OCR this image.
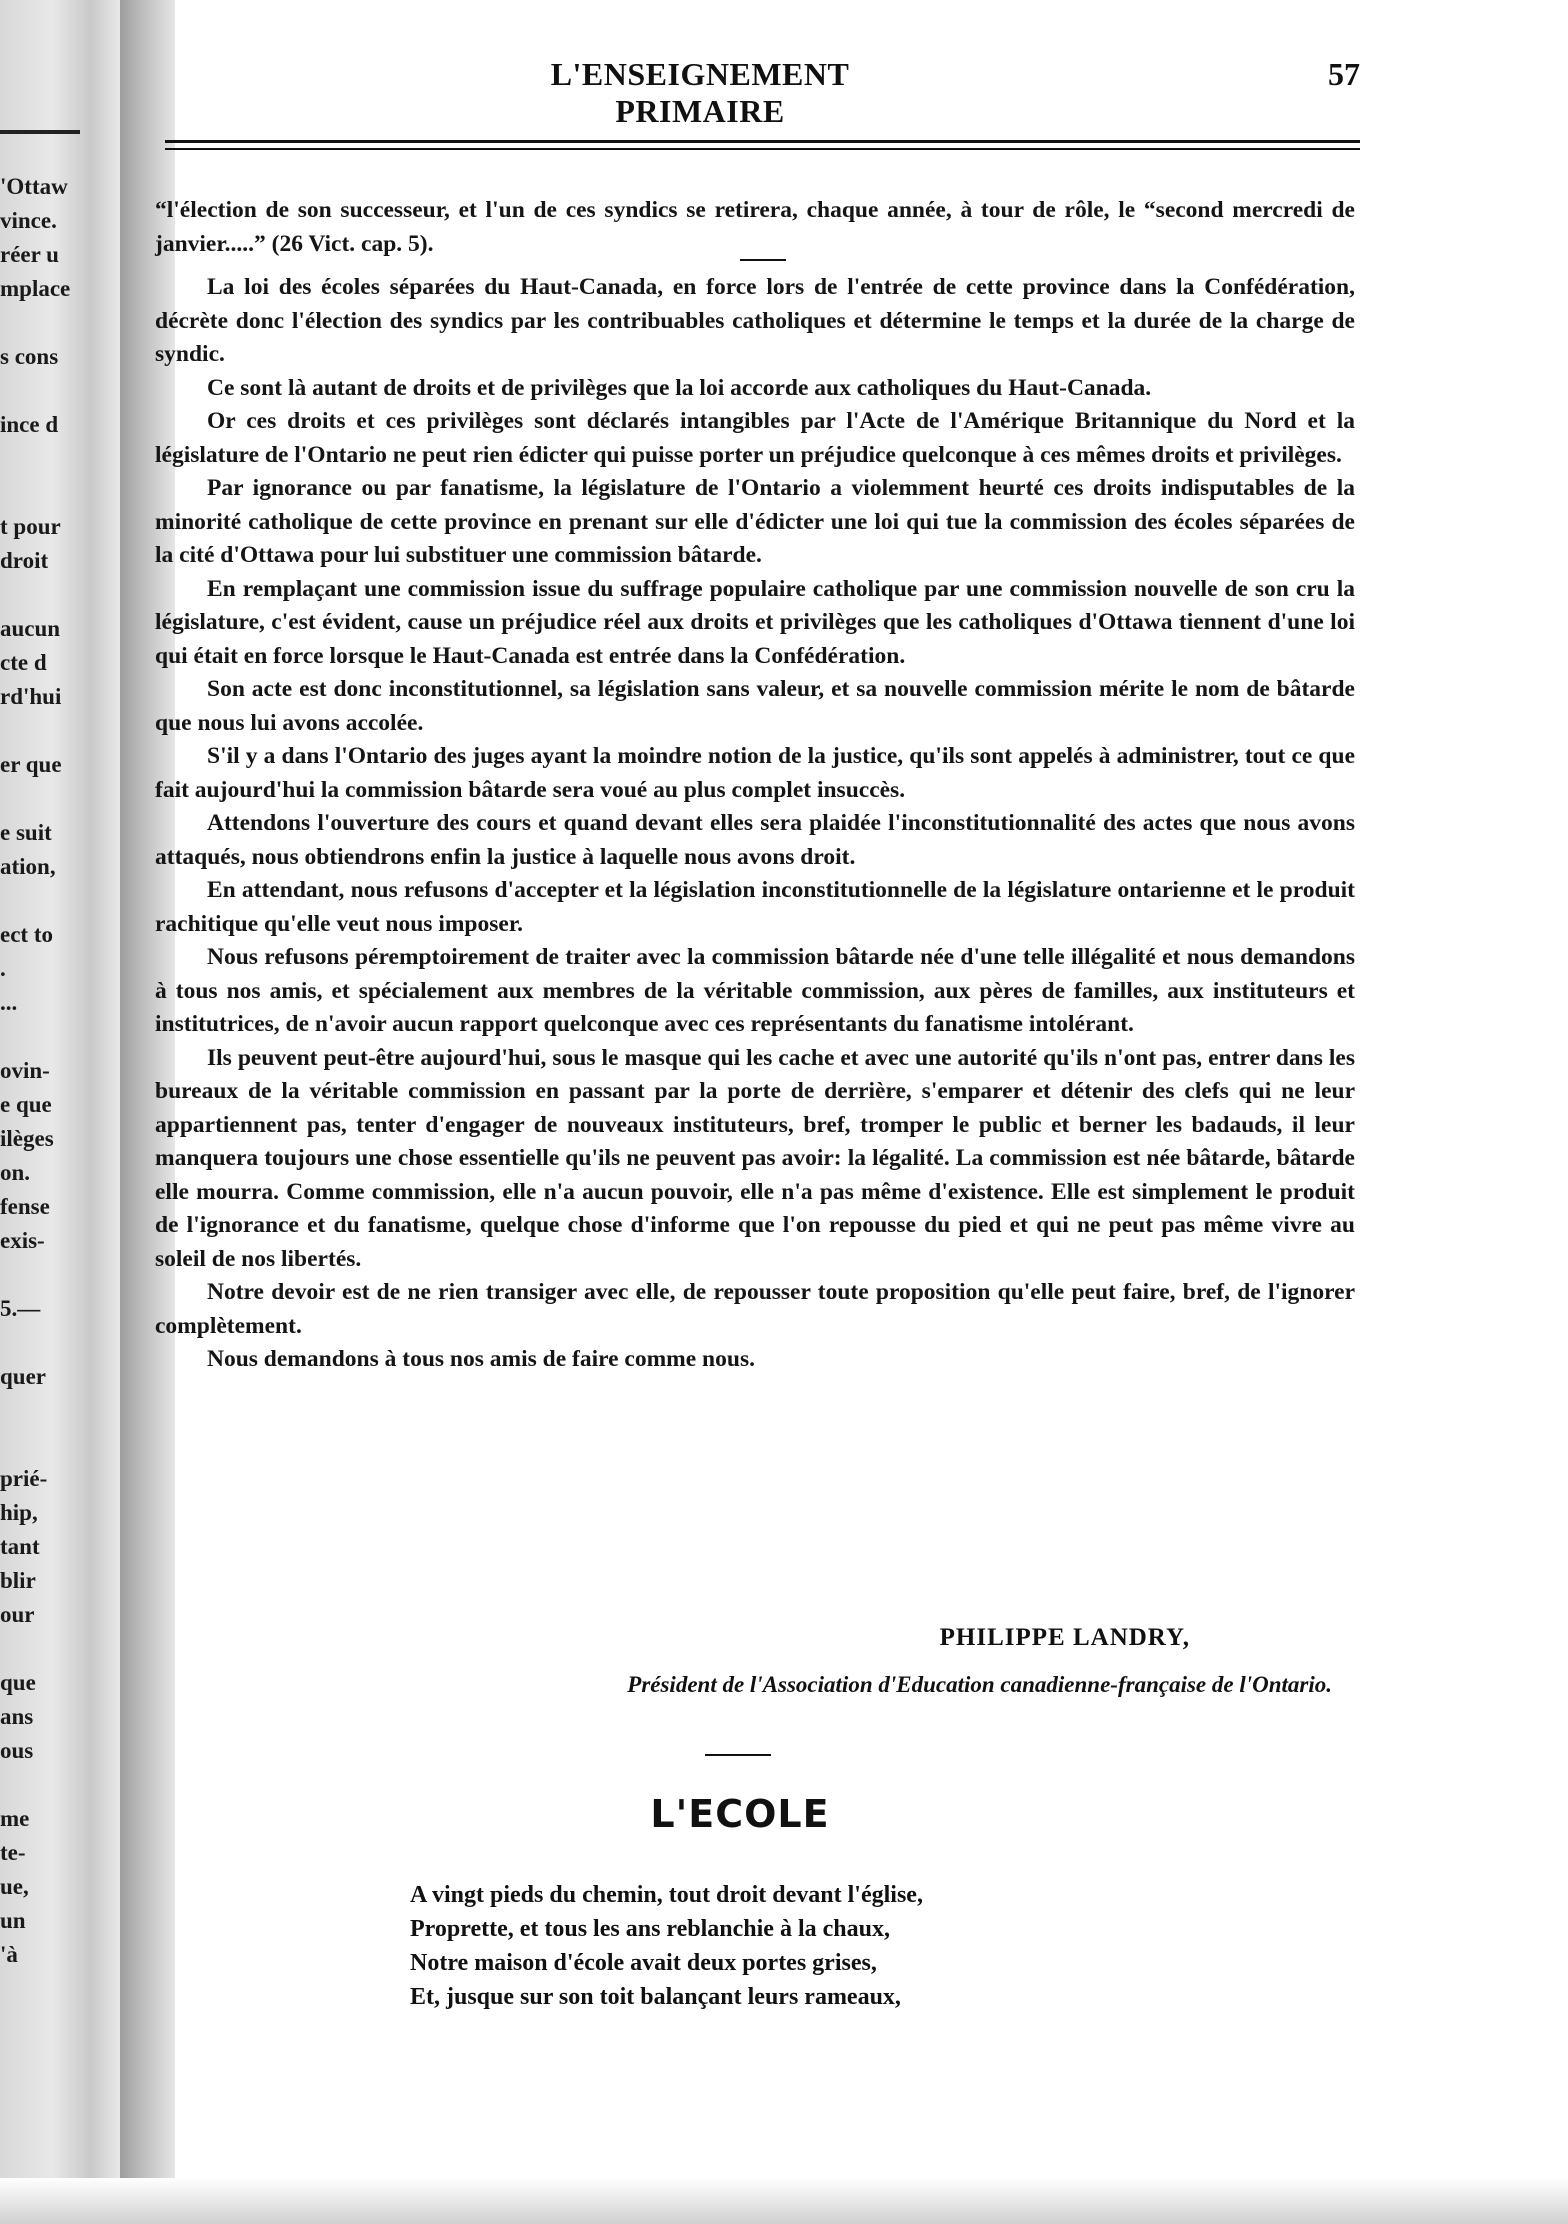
'Ottaw
vince.
réer u
mplace
s cons
ince d
t pour
droit
aucun
cte d
rd'hui
er que
e suit
ation,
ect to
.
...
ovin-
e que
ilèges
on.
fense
exis-
5.—
quer
prié-
hip,
tant
blir
our
que
ans
ous
me
te-
ue,
un
'à
L'ENSEIGNEMENT PRIMAIRE
57

“l'élection de son successeur, et l'un de ces syndics se retirera, chaque année, à tour de rôle, le “second mercredi de janvier.....” (26 Vict. cap. 5).

La loi des écoles séparées du Haut-Canada, en force lors de l'entrée de cette province dans la Confédération, décrète donc l'élection des syndics par les contribuables catholiques et détermine le temps et la durée de la charge de syndic.

Ce sont là autant de droits et de privilèges que la loi accorde aux catholiques du Haut-Canada.

Or ces droits et ces privilèges sont déclarés intangibles par l'Acte de l'Amérique Britannique du Nord et la législature de l'Ontario ne peut rien édicter qui puisse porter un préjudice quelconque à ces mêmes droits et privilèges.

Par ignorance ou par fanatisme, la législature de l'Ontario a violemment heurté ces droits indisputables de la minorité catholique de cette province en prenant sur elle d'édicter une loi qui tue la commission des écoles séparées de la cité d'Ottawa pour lui substituer une commission bâtarde.

En remplaçant une commission issue du suffrage populaire catholique par une commission nouvelle de son cru la législature, c'est évident, cause un préjudice réel aux droits et privilèges que les catholiques d'Ottawa tiennent d'une loi qui était en force lorsque le Haut-Canada est entrée dans la Confédération.

Son acte est donc inconstitutionnel, sa législation sans valeur, et sa nouvelle commission mérite le nom de bâtarde que nous lui avons accolée.

S'il y a dans l'Ontario des juges ayant la moindre notion de la justice, qu'ils sont appelés à administrer, tout ce que fait aujourd'hui la commission bâtarde sera voué au plus complet insuccès.

Attendons l'ouverture des cours et quand devant elles sera plaidée l'inconstitutionnalité des actes que nous avons attaqués, nous obtiendrons enfin la justice à laquelle nous avons droit.

En attendant, nous refusons d'accepter et la législation inconstitutionnelle de la législature ontarienne et le produit rachitique qu'elle veut nous imposer.

Nous refusons péremptoirement de traiter avec la commission bâtarde née d'une telle illégalité et nous demandons à tous nos amis, et spécialement aux membres de la véritable commission, aux pères de familles, aux instituteurs et institutrices, de n'avoir aucun rapport quelconque avec ces représentants du fanatisme intolérant.

Ils peuvent peut-être aujourd'hui, sous le masque qui les cache et avec une autorité qu'ils n'ont pas, entrer dans les bureaux de la véritable commission en passant par la porte de derrière, s'emparer et détenir des clefs qui ne leur appartiennent pas, tenter d'engager de nouveaux instituteurs, bref, tromper le public et berner les badauds, il leur manquera toujours une chose essentielle qu'ils ne peuvent pas avoir: la légalité. La commission est née bâtarde, bâtarde elle mourra. Comme commission, elle n'a aucun pouvoir, elle n'a pas même d'existence. Elle est simplement le produit de l'ignorance et du fanatisme, quelque chose d'informe que l'on repousse du pied et qui ne peut pas même vivre au soleil de nos libertés.

Notre devoir est de ne rien transiger avec elle, de repousser toute proposition qu'elle peut faire, bref, de l'ignorer complètement.

Nous demandons à tous nos amis de faire comme nous.

PHILIPPE LANDRY,
Président de l'Association d'Education canadienne-française de l'Ontario.
L'ECOLE
A vingt pieds du chemin, tout droit devant l'église,
Proprette, et tous les ans reblanchie à la chaux,
Notre maison d'école avait deux portes grises,
Et, jusque sur son toit balançant leurs rameaux,
